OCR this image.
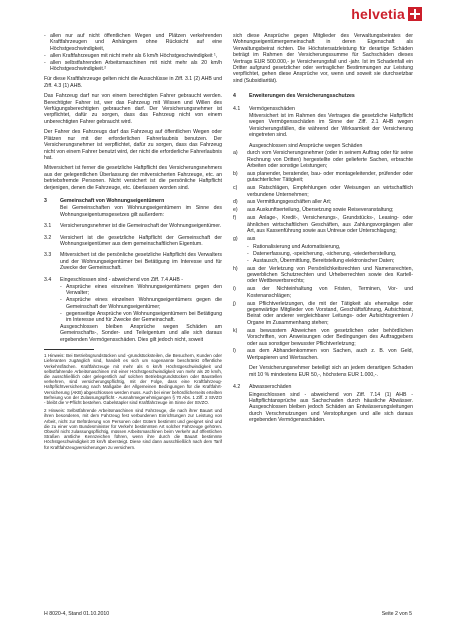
helvetia
- allen nur auf nicht öffentlichen Wegen und Plätzen verkehrenden Kraftfahrzeugen und Anhängern ohne Rücksicht auf eine Höchstgeschwindigkeit,
- allen Kraftfahrzeugen mit nicht mehr als 6 km/h Höchstgeschwindigkeit ¹,
- allen selbstfahrenden Arbeitsmaschinen mit nicht mehr als 20 km/h Höchstgeschwindigkeit.²

Für diese Kraftfahrzeuge gelten nicht die Ausschlüsse in Ziff. 3.1 (2) AHB und Ziff. 4.3 (1) AHB.

Das Fahrzeug darf nur von einem berechtigten Fahrer gebraucht werden. Berechtigter Fahrer ist, wer das Fahrzeug mit Wissen und Willen des Verfügungsberechtigten gebrauchen darf. Der Versicherungsnehmer ist verpflichtet, dafür zu sorgen, dass das Fahrzeug nicht von einem unberechtigten Fahrer gebraucht wird.

Der Fahrer des Fahrzeugs darf das Fahrzeug auf öffentlichen Wegen oder Plätzen nur mit der erforderlichen Fahrerlaubnis benutzen. Der Versicherungsnehmer ist verpflichtet, dafür zu sorgen, dass das Fahrzeug nicht von einem Fahrer benutzt wird, der nicht die erforderliche Fahrerlaubnis hat.

Mitversichert ist ferner die gesetzliche Haftpflicht des Versicherungsnehmers aus der gelegentlichen Überlassung der mitversicherten Fahrzeuge, etc. an betriebsfremde Personen. Nicht versichert ist die persönliche Haftpflicht derjenigen, denen die Fahrzeuge, etc. überlassen worden sind.

3	Gemeinschaft von Wohnungseigentümern

Bei Gemeinschaften von Wohnungseigentümern im Sinne des Wohnungseigentumsgesetzes gilt außerdem:

3.1	Versicherungsnehmer ist die Gemeinschaft der Wohnungseigentümer.
3.2	Versichert ist die gesetzliche Haftpflicht der Gemeinschaft der Wohnungseigentümer aus dem gemeinschaftlichen Eigentum.
3.3	Mitversichert ist die persönliche gesetzliche Haftpflicht des Verwalters und der Wohnungseigentümer bei Betätigung im Interesse und für Zwecke der Gemeinschaft.
3.4	Eingeschlossen sind - abweichend von Ziff. 7.4 AHB -
- Ansprüche eines einzelnen Wohnungseigentümers gegen den Verwalter;
- Ansprüche eines einzelnen Wohnungseigentümers gegen die Gemeinschaft der Wohnungseigentümer;
- gegenseitige Ansprüche von Wohnungseigentümern bei Betätigung im Interesse und für Zwecke der Gemeinschaft.

Ausgeschlossen bleiben Ansprüche wegen Schäden am Gemeinschafts-, Sonder- und Teileigentum und alle sich daraus ergebenden Vermögensschäden. Dies gilt jedoch nicht, soweit

1 Hinweis: Bei Betriebsgrundstücken und -grundstücksteilen, die Besuchern, Kunden oder Lieferanten zugänglich sind, handelt es sich um sogenannte beschränkt öffentliche Verkehrsflächen. Kraftfahrzeuge mit mehr als 6 km/h Höchstgeschwindigkeit und selbstfahrende Arbeitsmaschinen mit einer Höchstgeschwindigkeit von mehr als 20 km/h, die ausschließlich oder gelegentlich auf solchen Betriebsgrundstücken oder Baustellen verkehren, sind versicherungspflichtig, mit der Folge, dass eine Kraftfahrzeug-Haftpflichtversicherung nach Maßgabe der Allgemeinen Bedingungen für die Kraftfahrt-Versicherung (AKB) abgeschlossen werden muss. Auch bei einer behördlicherseits erteilten Befreiung von der Zulassungspflicht - Ausnahmegenehmigungen § 70 Abs. 1 Ziff. 2 StVZO - bleibt die V-Pflicht bestehen. Gabelstapler sind Kraftfahrzeuge im Sinne der StVZO.

2 Hinweis: Selbstfahrende Arbeitsmaschinen sind Fahrzeuge, die nach ihrer Bauart und ihren besonderen, mit dem Fahrzeug fest verbundenen Einrichtungen zur Leistung von Arbeit, nicht zur Beförderung von Personen oder Gütern bestimmt und geeignet sind und die zu einer vom Bundesminister für Verkehr bestimmten Art solcher Fahrzeuge gehören. Obwohl nicht zulassungspflichtig, müssen Arbeitsmaschinen beim Verkehr auf öffentlichen Straßen amtliche Kennzeichen führen, wenn ihre durch die Bauart bestimmte Höchstgeschwindigkeit 20 km/h übersteigt. Diese sind dann ausschließlich nach dem Tarif für Kraftfahrzeugversicherungen zu versichern.

sich diese Ansprüche gegen Mitglieder des Verwaltungsbeirates der Wohnungseigentümergemeinschaft in deren Eigenschaft als Verwaltungsbeirat richten. Die Höchstersatzleistung für derartige Schäden beträgt im Rahmen der Versicherungssumme für Sachschäden dieses Vertrags EUR 500.000,- je Versicherungsfall und -jahr. Ist im Schadenfall ein Dritter aufgrund gesetzlicher oder vertraglicher Bestimmungen zur Leistung verpflichtet, gehen diese Ansprüche vor, wenn und soweit sie durchsetzbar sind (Subsidiarität).

4	Erweiterungen des Versicherungsschutzes
4.1	Vermögensschäden

Mitversichert ist im Rahmen des Vertrages die gesetzliche Haftpflicht wegen Vermögensschäden im Sinne der Ziff. 2.1 AHB wegen Versicherungsfällen, die während der Wirksamkeit der Versicherung eingetreten sind.

Ausgeschlossen sind Ansprüche wegen Schäden

a)	durch vom Versicherungsnehmer (oder in seinem Auftrag oder für seine Rechnung von Dritten) hergestellte oder gelieferte Sachen, erbrachte Arbeiten oder sonstige Leistungen;
b)	aus planender, beratender, bau- oder montageleitender, prüfender oder gutachterlicher Tätigkeit;
c)	aus Ratschlägen, Empfehlungen oder Weisungen an wirtschaftlich verbundene Unternehmen;
d)	aus Vermittlungsgeschäften aller Art;
e)	aus Auskunftserteilung, Übersetzung sowie Reiseveranstaltung;
f)	aus Anlage-, Kredit-, Versicherungs-, Grundstücks-, Leasing- oder ähnlichen wirtschaftlichen Geschäften, aus Zahlungsvorgängen aller Art, aus Kassenführung sowie aus Untreue oder Unterschlagung;
g)	aus
- Rationalisierung und Automatisierung,
- Datenerfassung, -speicherung, -sicherung, -wiederherstellung,
- Austausch, Übermittlung, Bereitstellung elektronischer Daten;
h)	aus der Verletzung von Persönlichkeitsrechten und Namensrechten, gewerblichen Schutzrechten und Urheberrechten sowie des Kartell- oder Wettbewerbsrechts;
i)	aus der Nichteinhaltung von Fristen, Terminen, Vor- und Kostenanschlägen;
j)	aus Pflichtverletzungen, die mit der Tätigkeit als ehemalige oder gegenwärtige Mitglieder von Vorstand, Geschäftsführung, Aufsichtsrat, Beirat oder anderer vergleichbarer Leitungs- oder Aufsichtsgremien / Organe im Zusammenhang stehen;
k)	aus bewusstem Abweichen von gesetzlichen oder behördlichen Vorschriften, von Anweisungen oder Bedingungen des Auftraggebers oder aus sonstiger bewusster Pflichtverletzung;
l)	aus dem Abhandenkommen von Sachen, auch z. B. von Geld, Wertpapieren und Wertsachen.

Der Versicherungsnehmer beteiligt sich an jedem derartigen Schaden mit 10 % mindestens EUR 50,-, höchstens EUR 1.000,-.

4.2	Abwasserschäden

Eingeschlossen sind - abweichend von Ziff. 7.14 (1) AHB - Haftpflichtansprüche aus Sachschaden durch häusliche Abwässer. Ausgeschlossen bleiben jedoch Schäden an Entwässerungsleitungen durch Verschmutzungen und Verstopfungen und alle sich daraus ergebenden Vermögensschäden.

H 8020-4, Stand 01.10.2010	Seite 2 von 5
